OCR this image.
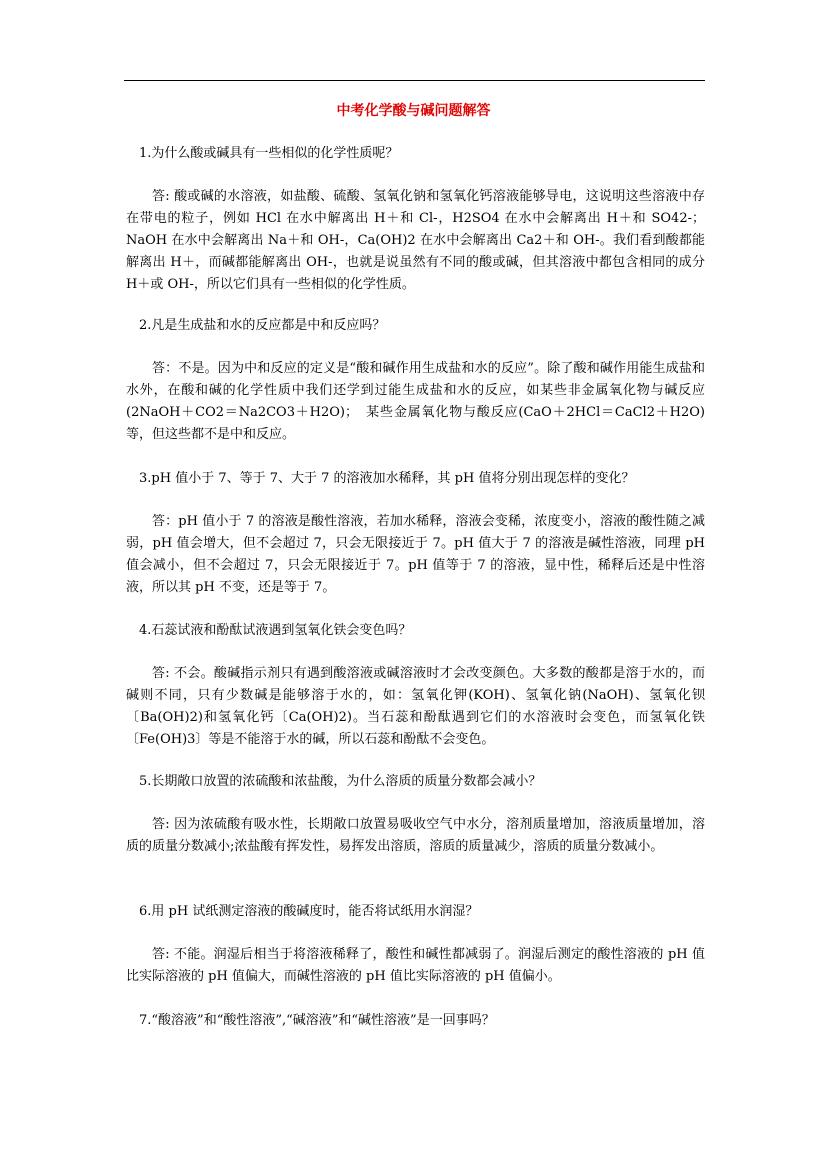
中考化学酸与碱问题解答
1.为什么酸或碱具有一些相似的化学性质呢？
答: 酸或碱的水溶液，如盐酸、硫酸、氢氧化钠和氢氧化钙溶液能够导电，这说明这些溶液中存在带电的粒子，例如 HCl 在水中解离出 H＋和 Cl-，H2SO4 在水中会解离出 H＋和 SO42-；NaOH 在水中会解离出 Na＋和 OH-，Ca(OH)2 在水中会解离出 Ca2＋和 OH-。我们看到酸都能解离出 H＋，而碱都能解离出 OH-，也就是说虽然有不同的酸或碱，但其溶液中都包含相同的成分 H＋或 OH-，所以它们具有一些相似的化学性质。
2.凡是生成盐和水的反应都是中和反应吗？
答：不是。因为中和反应的定义是“酸和碱作用生成盐和水的反应”。除了酸和碱作用能生成盐和水外，在酸和碱的化学性质中我们还学到过能生成盐和水的反应，如某些非金属氧化物与碱反应(2NaOH＋CO2＝Na2CO3＋H2O)；　某些金属氧化物与酸反应(CaO＋2HCl＝CaCl2＋H2O)等，但这些都不是中和反应。
3.pH 值小于 7、等于 7、大于 7 的溶液加水稀释，其 pH 值将分别出现怎样的变化？
答：pH 值小于 7 的溶液是酸性溶液，若加水稀释，溶液会变稀，浓度变小，溶液的酸性随之减弱，pH 值会增大，但不会超过 7，只会无限接近于 7。pH 值大于 7 的溶液是碱性溶液，同理 pH 值会减小，但不会超过 7，只会无限接近于 7。pH 值等于 7 的溶液，显中性，稀释后还是中性溶液，所以其 pH 不变，还是等于 7。
4.石蕊试液和酚酞试液遇到氢氧化铁会变色吗？
答: 不会。酸碱指示剂只有遇到酸溶液或碱溶液时才会改变颜色。大多数的酸都是溶于水的，而碱则不同，只有少数碱是能够溶于水的，如：氢氧化钾(KOH)、氢氧化钠(NaOH)、氢氧化钡〔Ba(OH)2)和氢氧化钙〔Ca(OH)2)。当石蕊和酚酞遇到它们的水溶液时会变色，而氢氧化铁〔Fe(OH)3〕等是不能溶于水的碱，所以石蕊和酚酞不会变色。
5.长期敞口放置的浓硫酸和浓盐酸，为什么溶质的质量分数都会减小？
答: 因为浓硫酸有吸水性，长期敞口放置易吸收空气中水分，溶剂质量增加，溶液质量增加，溶质的质量分数减小;浓盐酸有挥发性，易挥发出溶质，溶质的质量减少，溶质的质量分数减小。
6.用 pH 试纸测定溶液的酸碱度时，能否将试纸用水润湿？
答: 不能。润湿后相当于将溶液稀释了，酸性和碱性都减弱了。润湿后测定的酸性溶液的 pH 值比实际溶液的 pH 值偏大，而碱性溶液的 pH 值比实际溶液的 pH 值偏小。
7.“酸溶液”和“酸性溶液”,“碱溶液”和“碱性溶液”是一回事吗？
